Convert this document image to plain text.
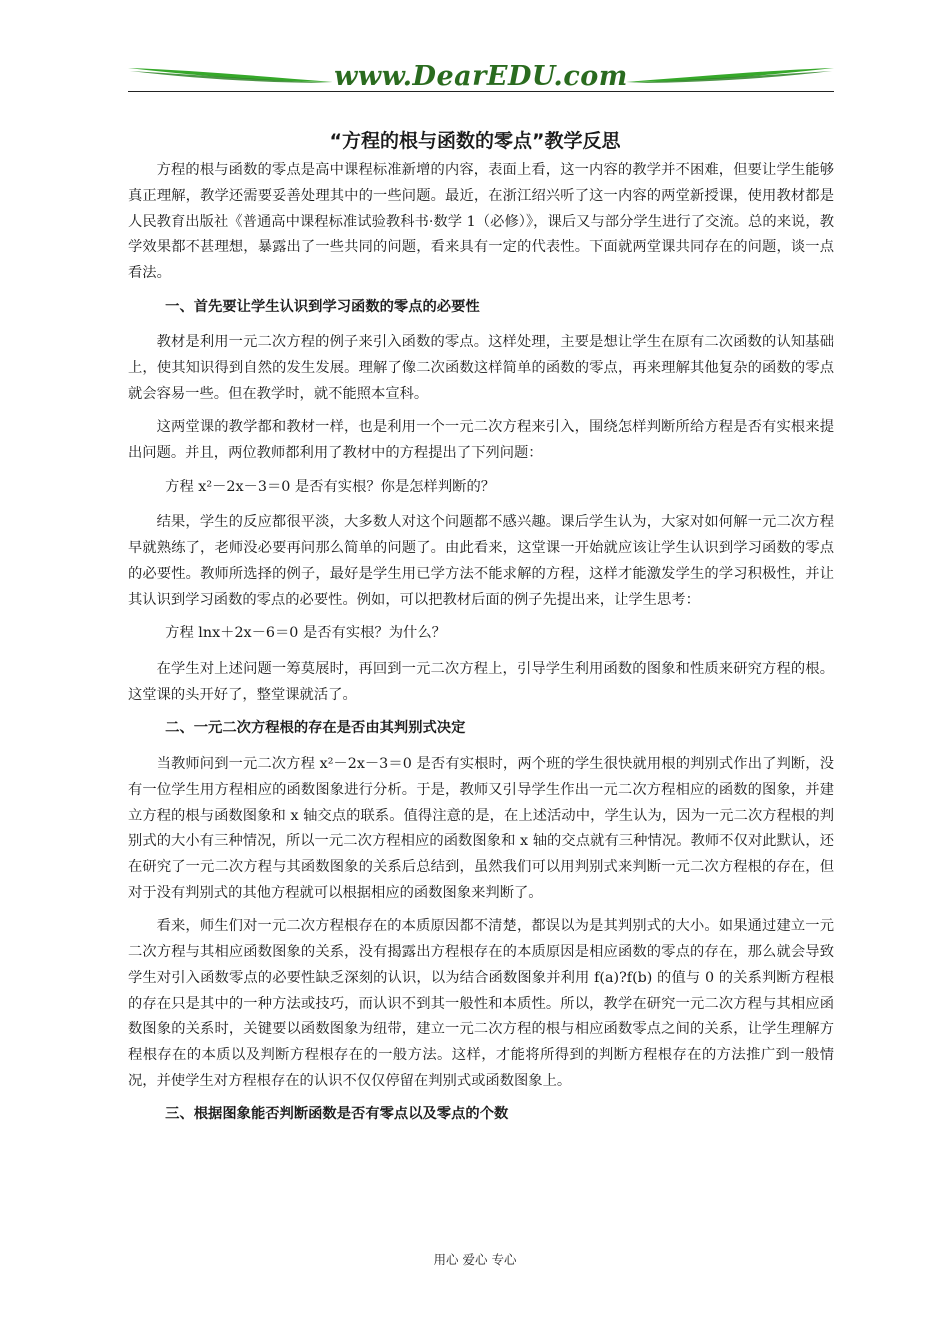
www.DearEDU.com
“方程的根与函数的零点”教学反思

方程的根与函数的零点是高中课程标准新增的内容，表面上看，这一内容的教学并不困难，但要让学生能够真正理解，教学还需要妥善处理其中的一些问题。最近，在浙江绍兴听了这一内容的两堂新授课，使用教材都是人民教育出版社《普通高中课程标准试验教科书·数学 1（必修）》，课后又与部分学生进行了交流。总的来说，教学效果都不甚理想，暴露出了一些共同的问题，看来具有一定的代表性。下面就两堂课共同存在的问题，谈一点看法。

一、首先要让学生认识到学习函数的零点的必要性

教材是利用一元二次方程的例子来引入函数的零点。这样处理，主要是想让学生在原有二次函数的认知基础上，使其知识得到自然的发生发展。理解了像二次函数这样简单的函数的零点，再来理解其他复杂的函数的零点就会容易一些。但在教学时，就不能照本宣科。

这两堂课的教学都和教材一样，也是利用一个一元二次方程来引入，围绕怎样判断所给方程是否有实根来提出问题。并且，两位教师都利用了教材中的方程提出了下列问题：

方程 x²－2x－3＝0 是否有实根？你是怎样判断的？

结果，学生的反应都很平淡，大多数人对这个问题都不感兴趣。课后学生认为，大家对如何解一元二次方程早就熟练了，老师没必要再问那么简单的问题了。由此看来，这堂课一开始就应该让学生认识到学习函数的零点的必要性。教师所选择的例子，最好是学生用已学方法不能求解的方程，这样才能激发学生的学习积极性，并让其认识到学习函数的零点的必要性。例如，可以把教材后面的例子先提出来，让学生思考：

方程 lnx＋2x－6＝0 是否有实根？为什么？

在学生对上述问题一筹莫展时，再回到一元二次方程上，引导学生利用函数的图象和性质来研究方程的根。这堂课的头开好了，整堂课就活了。

二、一元二次方程根的存在是否由其判别式决定

当教师问到一元二次方程 x²－2x－3＝0 是否有实根时，两个班的学生很快就用根的判别式作出了判断，没有一位学生用方程相应的函数图象进行分析。于是，教师又引导学生作出一元二次方程相应的函数的图象，并建立方程的根与函数图象和 x 轴交点的联系。值得注意的是，在上述活动中，学生认为，因为一元二次方程根的判别式的大小有三种情况，所以一元二次方程相应的函数图象和 x 轴的交点就有三种情况。教师不仅对此默认，还在研究了一元二次方程与其函数图象的关系后总结到，虽然我们可以用判别式来判断一元二次方程根的存在，但对于没有判别式的其他方程就可以根据相应的函数图象来判断了。

看来，师生们对一元二次方程根存在的本质原因都不清楚，都误以为是其判别式的大小。如果通过建立一元二次方程与其相应函数图象的关系，没有揭露出方程根存在的本质原因是相应函数的零点的存在，那么就会导致学生对引入函数零点的必要性缺乏深刻的认识，以为结合函数图象并利用 f(a)?f(b) 的值与 0 的关系判断方程根的存在只是其中的一种方法或技巧，而认识不到其一般性和本质性。所以，教学在研究一元二次方程与其相应函数图象的关系时，关键要以函数图象为纽带，建立一元二次方程的根与相应函数零点之间的关系，让学生理解方程根存在的本质以及判断方程根存在的一般方法。这样，才能将所得到的判断方程根存在的方法推广到一般情况，并使学生对方程根存在的认识不仅仅停留在判别式或函数图象上。

三、根据图象能否判断函数是否有零点以及零点的个数
用心 爱心 专心
